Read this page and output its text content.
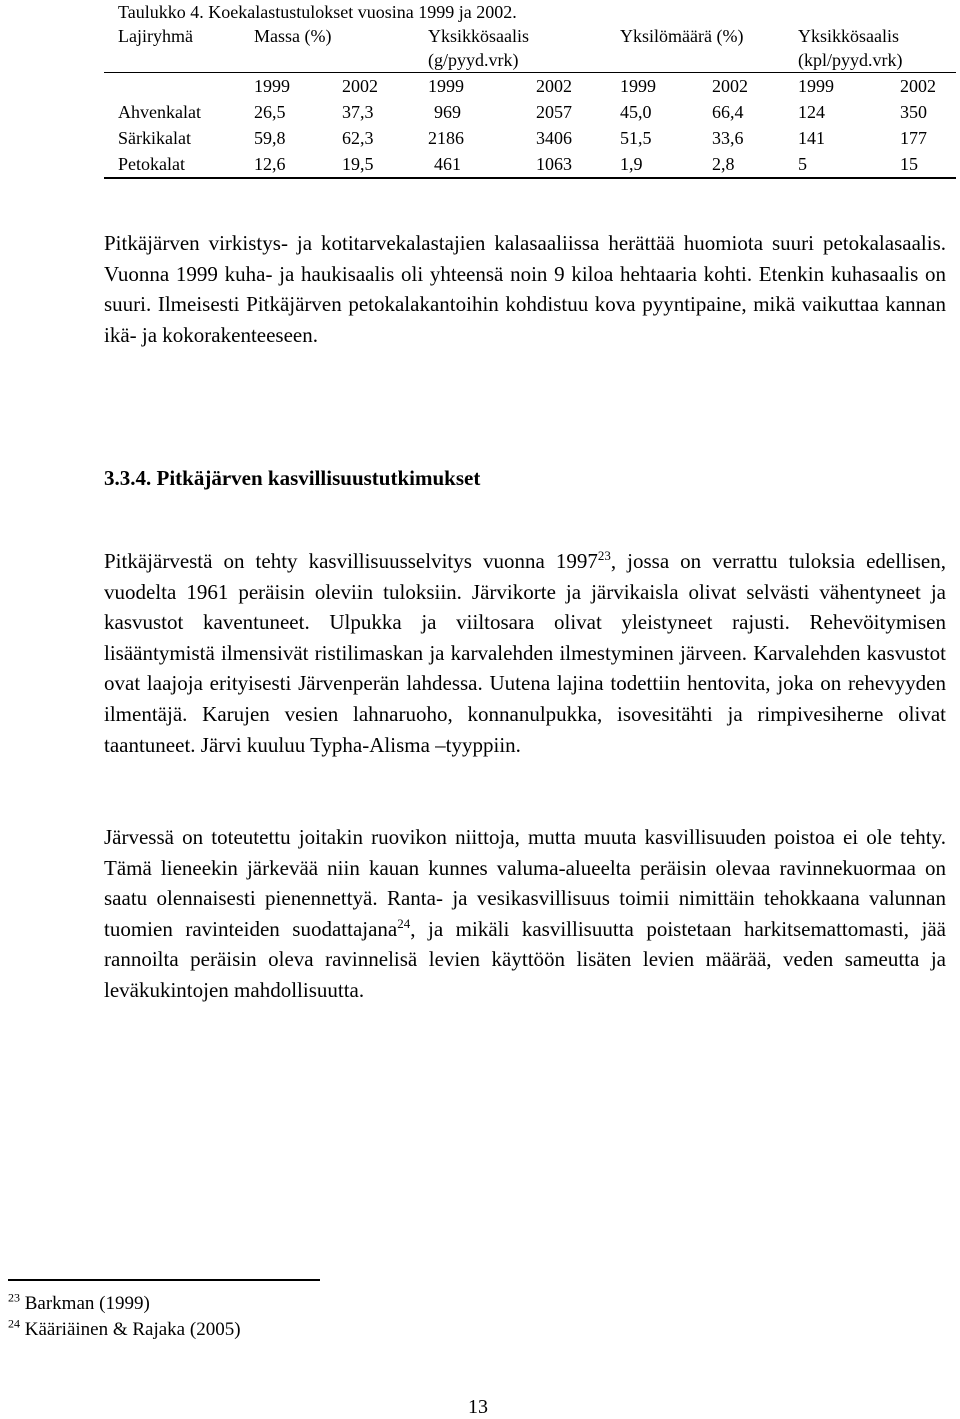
Taulukko 4. Koekalastustulokset vuosina 1999 ja 2002.
Lajiryhmä	Massa (%)		Yksikkösaalis (g/pyyd.vrk)		Yksilömäärä (%)		Yksikkösaalis (kpl/pyyd.vrk)	
	1999	2002	1999	2002	1999	2002	1999	2002
Ahvenkalat	26,5	37,3	969	2057	45,0	66,4	124	350
Särkikalat	59,8	62,3	2186	3406	51,5	33,6	141	177
Petokalat	12,6	19,5	461	1063	1,9	2,8	5	15

Pitkäjärven virkistys- ja kotitarvekalastajien kalasaaliissa herättää huomiota suuri petokalasaalis. Vuonna 1999 kuha- ja haukisaalis oli yhteensä noin 9 kiloa hehtaaria kohti. Etenkin kuhasaalis on suuri. Ilmeisesti Pitkäjärven petokalakantoihin kohdistuu kova pyyntipaine, mikä vaikuttaa kannan ikä- ja kokorakenteeseen.

3.3.4. Pitkäjärven kasvillisuustutkimukset

Pitkäjärvestä on tehty kasvillisuusselvitys vuonna 1997$^{23}$, jossa on verrattu tuloksia edellisen, vuodelta 1961 peräisin oleviin tuloksiin. Järvikorte ja järvikaisla olivat selvästi vähentyneet ja kasvustot kaventuneet. Ulpukka ja viiltosara olivat yleistyneet rajusti. Rehevöitymisen lisääntymistä ilmensivät ristilimaskan ja karvalehden ilmestyminen järveen. Karvalehden kasvustot ovat laajoja erityisesti Järvenperän lahdessa. Uutena lajina todettiin hentovita, joka on rehevyyden ilmentäjä. Karujen vesien lahnaruoho, konnanulpukka, isovesitähti ja rimpivesiherne olivat taantuneet. Järvi kuuluu Typha-Alisma –tyyppiin.

Järvessä on toteutettu joitakin ruovikon niittoja, mutta muuta kasvillisuuden poistoa ei ole tehty. Tämä lieneekin järkevää niin kauan kunnes valuma-alueelta peräisin olevaa ravinnekuormaa on saatu olennaisesti pienennettyä. Ranta- ja vesikasvillisuus toimii nimittäin tehokkaana valunnan tuomien ravinteiden suodattajana$^{24}$, ja mikäli kasvillisuutta poistetaan harkitsemattomasti, jää rannoilta peräisin oleva ravinnelisä levien käyttöön lisäten levien määrää, veden sameutta ja leväkukintojen mahdollisuutta.

$^{23}$ Barkman (1999)
$^{24}$ Kääriäinen & Rajaka (2005)
13
